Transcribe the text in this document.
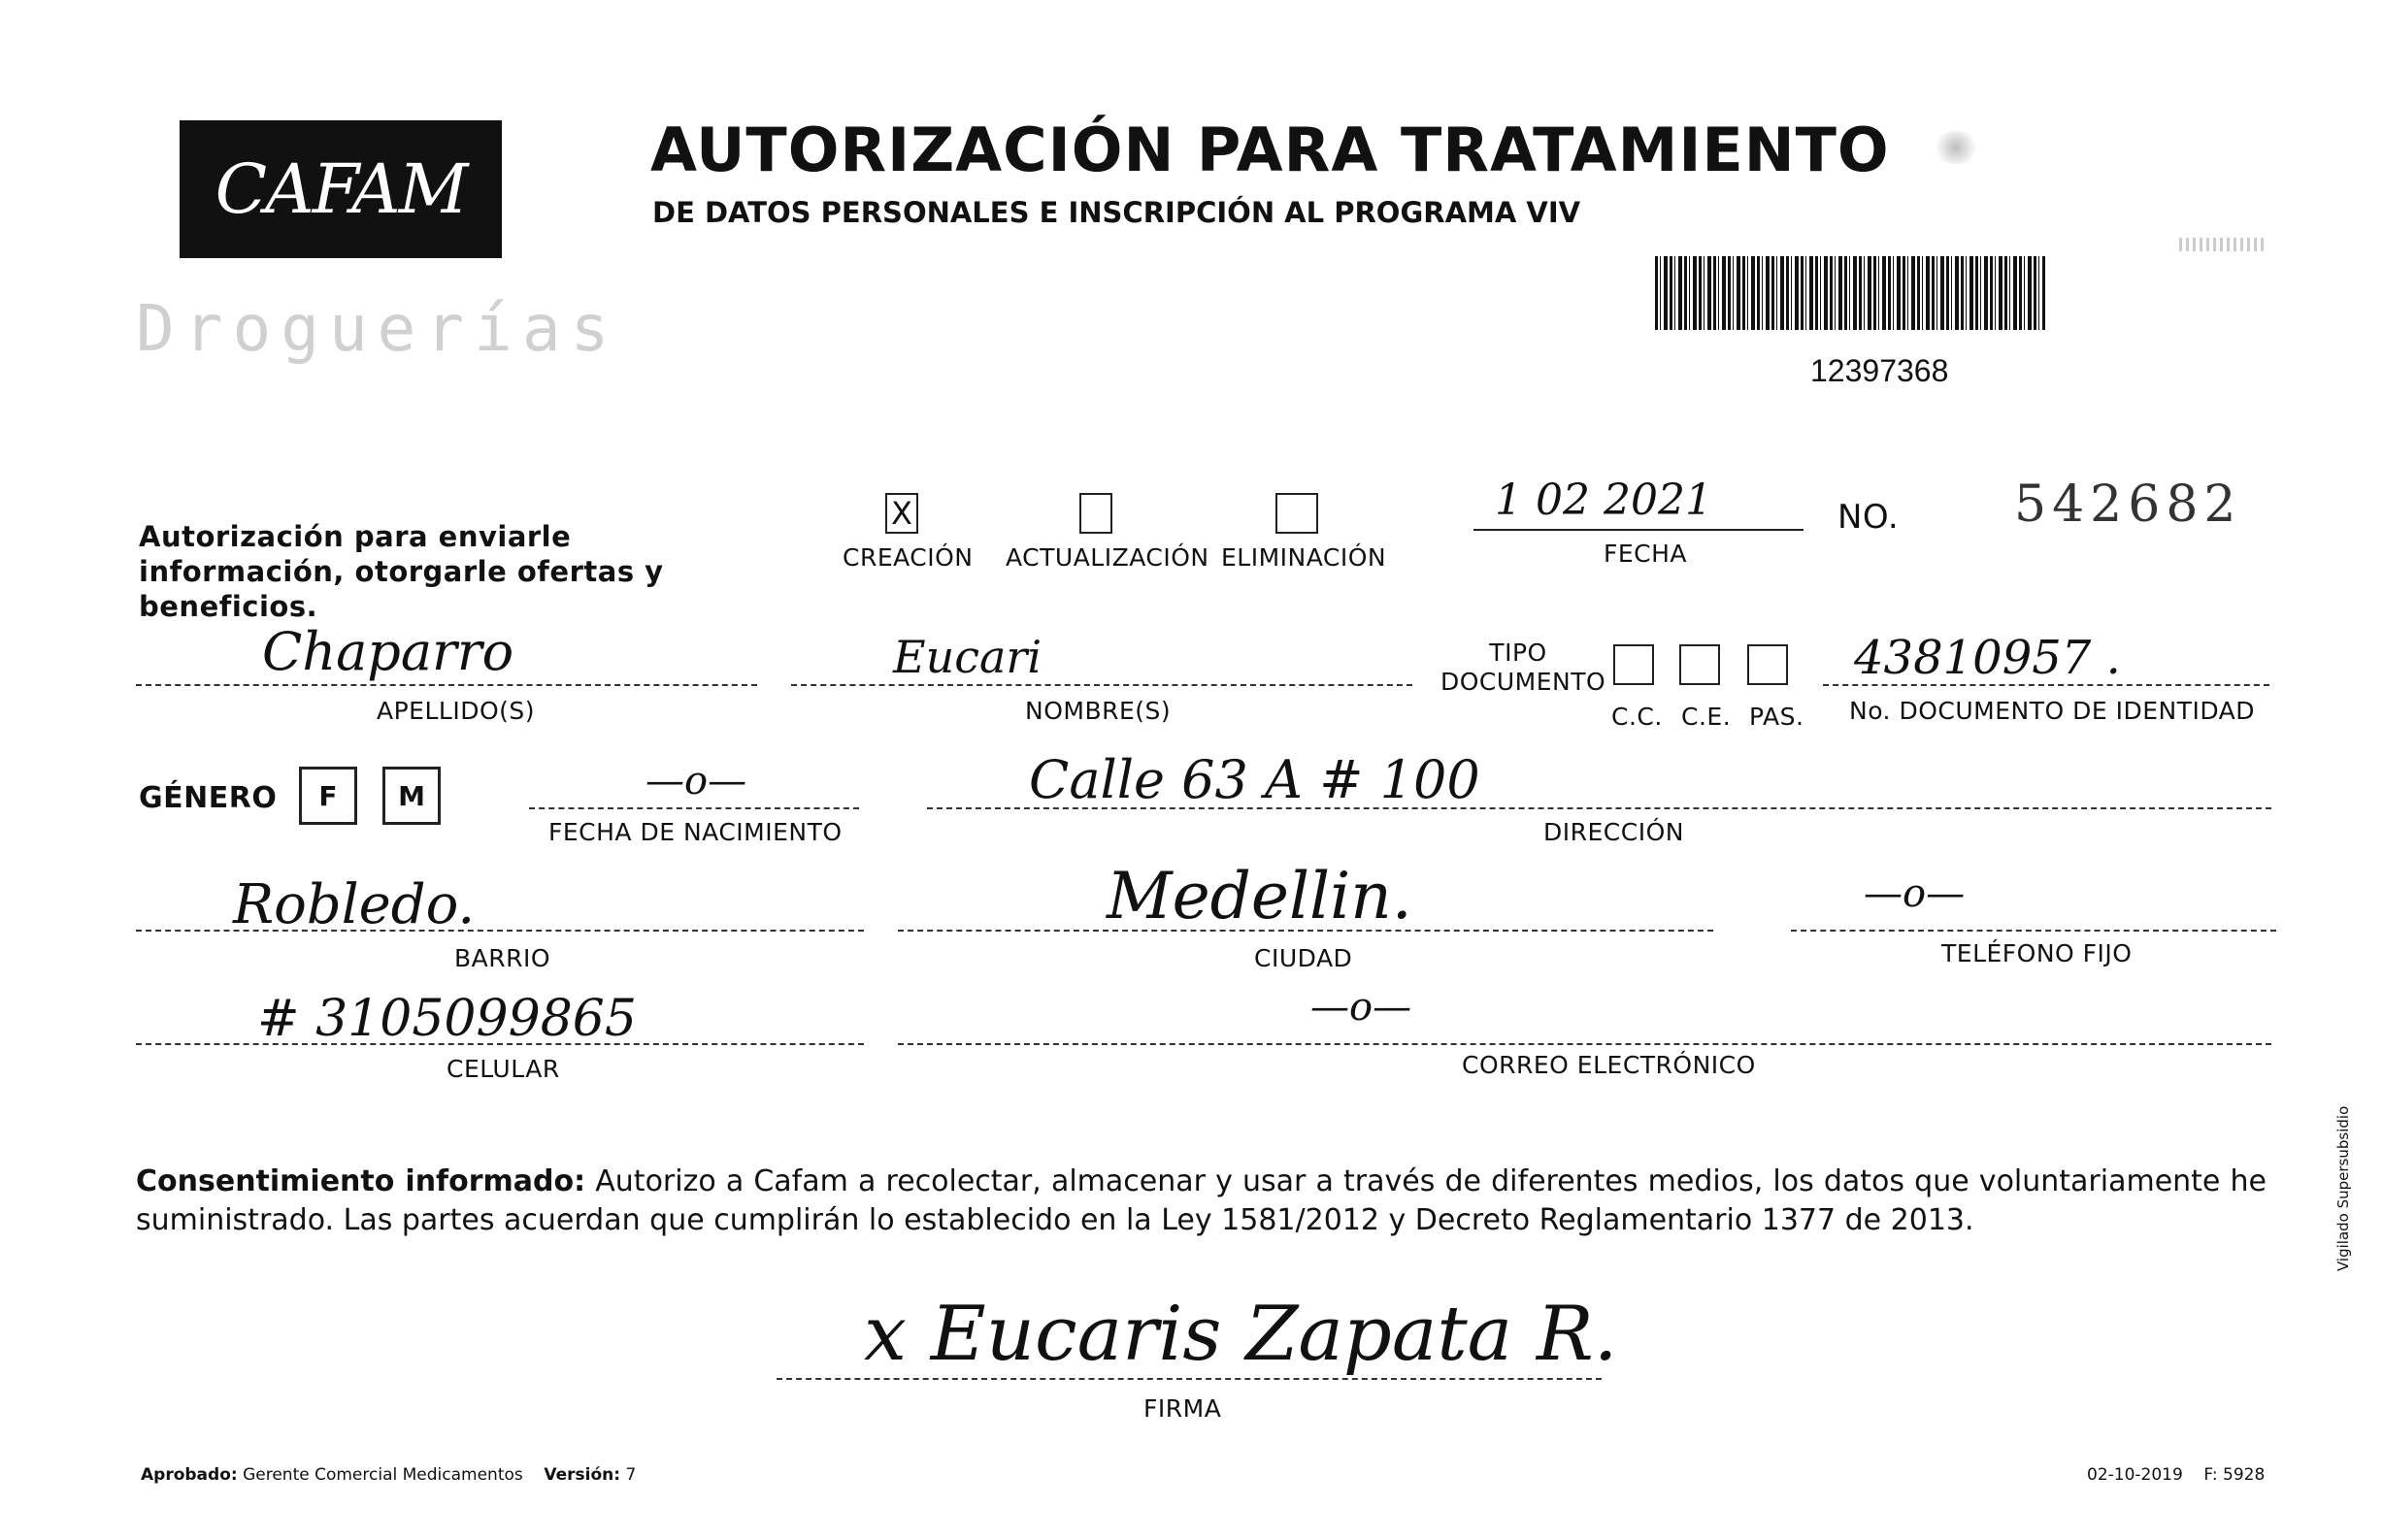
CAFAM
Droguerías
AUTORIZACIÓN PARA TRATAMIENTO
DE DATOS PERSONALES E INSCRIPCIÓN AL PROGRAMA VIV
12397368
Autorización para enviarle información, otorgarle ofertas y beneficios.
X
CREACIÓN ACTUALIZACIÓN ELIMINACIÓN
1 02 2021
FECHA
NO. 542682
Chaparro
APELLIDO(S)
Eucari
NOMBRE(S)
TIPO DOCUMENTO
C.C. C.E. PAS.
43810957 .
No. DOCUMENTO DE IDENTIDAD
GÉNERO F M	—o—
FECHA DE NACIMIENTO
Calle 63 A # 100
DIRECCIÓN
Robledo.
BARRIO
Medellin.
CIUDAD
—o—
TELÉFONO FIJO
# 3105099865
CELULAR
—o—
CORREO ELECTRÓNICO
Consentimiento informado: Autorizo a Cafam a recolectar, almacenar y usar a través de diferentes medios, los datos que voluntariamente he suministrado. Las partes acuerdan que cumplirán lo establecido en la Ley 1581/2012 y Decreto Reglamentario 1377 de 2013.
x Eucaris Zapata R.
FIRMA
Aprobado: Gerente Comercial Medicamentos Versión: 7	02-10-2019 F: 5928
Vigilado Supersubsidio
